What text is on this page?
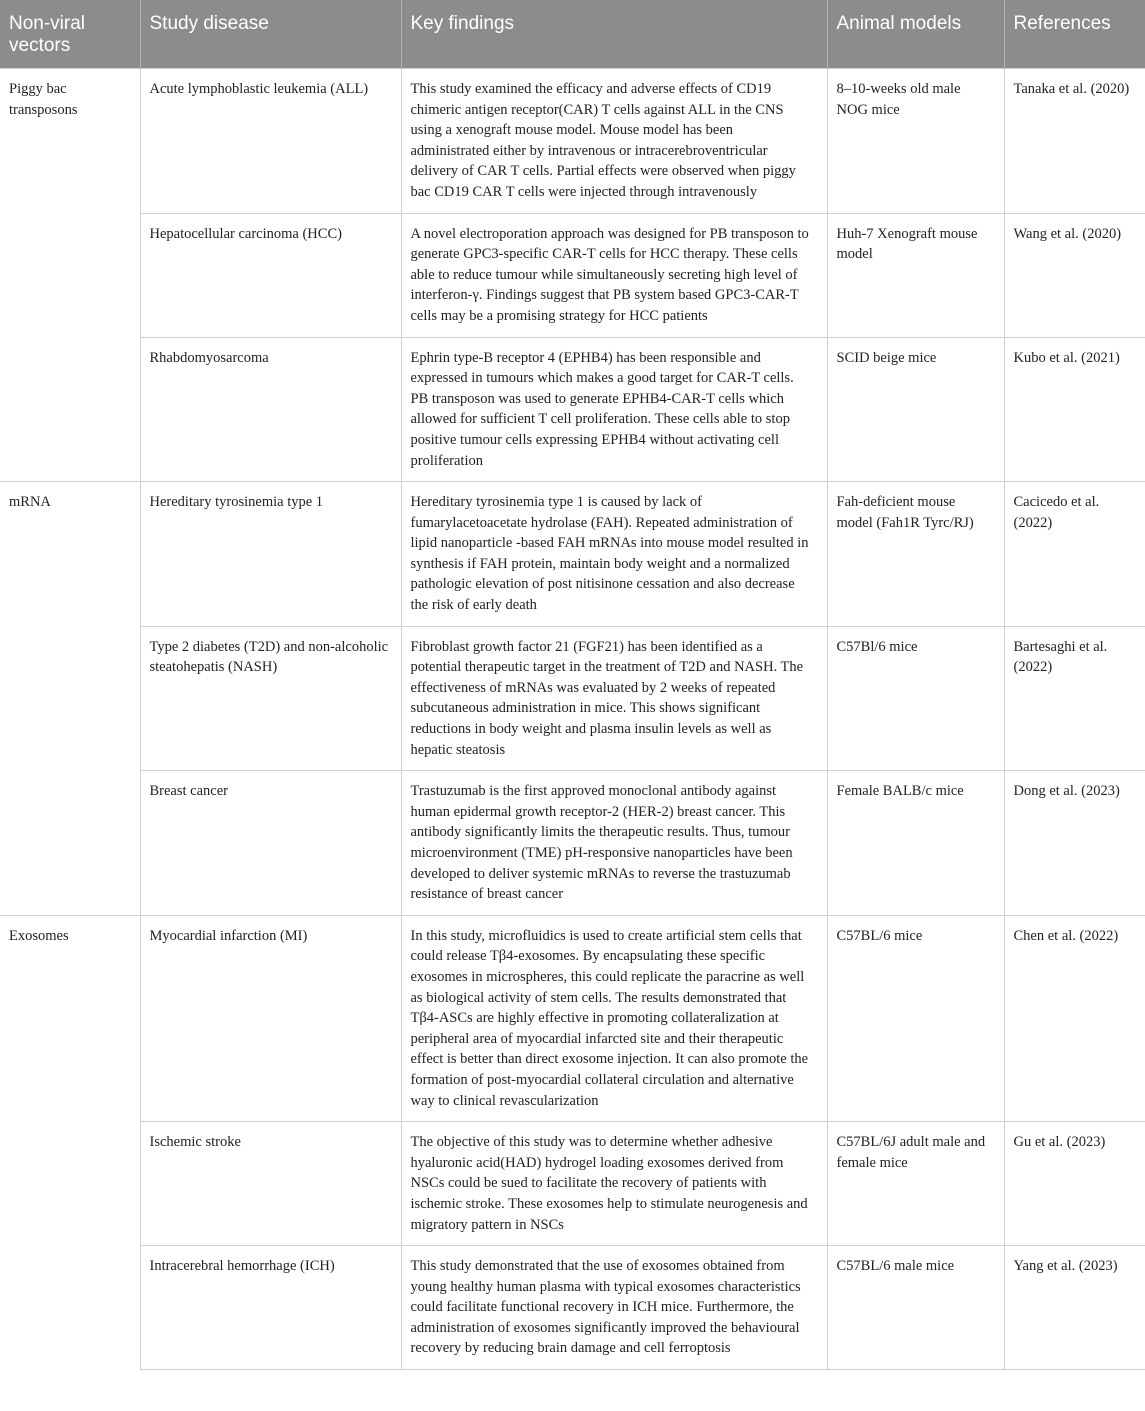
Non-viral vectors	Study disease	Key findings	Animal models	References
Piggy bac transposons	Acute lymphoblastic leukemia (ALL)	This study examined the efficacy and adverse effects of CD19 chimeric antigen receptor(CAR) T cells against ALL in the CNS using a xenograft mouse model. Mouse model has been administrated either by intravenous or intracerebroventricular delivery of CAR T cells. Partial effects were observed when piggy bac CD19 CAR T cells were injected through intravenously	8–10-weeks old male NOG mice	Tanaka et al. (2020)
	Hepatocellular carcinoma (HCC)	A novel electroporation approach was designed for PB transposon to generate GPC3-specific CAR-T cells for HCC therapy. These cells able to reduce tumour while simultaneously secreting high level of interferon-γ. Findings suggest that PB system based GPC3-CAR-T cells may be a promising strategy for HCC patients	Huh-7 Xenograft mouse model	Wang et al. (2020)
	Rhabdomyosarcoma	Ephrin type-B receptor 4 (EPHB4) has been responsible and expressed in tumours which makes a good target for CAR-T cells. PB transposon was used to generate EPHB4-CAR-T cells which allowed for sufficient T cell proliferation. These cells able to stop positive tumour cells expressing EPHB4 without activating cell proliferation	SCID beige mice	Kubo et al. (2021)
mRNA	Hereditary tyrosinemia type 1	Hereditary tyrosinemia type 1 is caused by lack of fumarylacetoacetate hydrolase (FAH). Repeated administration of lipid nanoparticle -based FAH mRNAs into mouse model resulted in synthesis if FAH protein, maintain body weight and a normalized pathologic elevation of post nitisinone cessation and also decrease the risk of early death	Fah-deficient mouse model (Fah1R Tyrc/RJ)	Cacicedo et al. (2022)
	Type 2 diabetes (T2D) and non-alcoholic steatohepatis (NASH)	Fibroblast growth factor 21 (FGF21) has been identified as a potential therapeutic target in the treatment of T2D and NASH. The effectiveness of mRNAs was evaluated by 2 weeks of repeated subcutaneous administration in mice. This shows significant reductions in body weight and plasma insulin levels as well as hepatic steatosis	C57Bl/6 mice	Bartesaghi et al. (2022)
	Breast cancer	Trastuzumab is the first approved monoclonal antibody against human epidermal growth receptor-2 (HER-2) breast cancer. This antibody significantly limits the therapeutic results. Thus, tumour microenvironment (TME) pH-responsive nanoparticles have been developed to deliver systemic mRNAs to reverse the trastuzumab resistance of breast cancer	Female BALB/c mice	Dong et al. (2023)
Exosomes	Myocardial infarction (MI)	In this study, microfluidics is used to create artificial stem cells that could release Tβ4-exosomes. By encapsulating these specific exosomes in microspheres, this could replicate the paracrine as well as biological activity of stem cells. The results demonstrated that Tβ4-ASCs are highly effective in promoting collateralization at peripheral area of myocardial infarcted site and their therapeutic effect is better than direct exosome injection. It can also promote the formation of post-myocardial collateral circulation and alternative way to clinical revascularization	C57BL/6 mice	Chen et al. (2022)
	Ischemic stroke	The objective of this study was to determine whether adhesive hyaluronic acid(HAD) hydrogel loading exosomes derived from NSCs could be sued to facilitate the recovery of patients with ischemic stroke. These exosomes help to stimulate neurogenesis and migratory pattern in NSCs	C57BL/6J adult male and female mice	Gu et al. (2023)
	Intracerebral hemorrhage (ICH)	This study demonstrated that the use of exosomes obtained from young healthy human plasma with typical exosomes characteristics could facilitate functional recovery in ICH mice. Furthermore, the administration of exosomes significantly improved the behavioural recovery by reducing brain damage and cell ferroptosis	C57BL/6 male mice	Yang et al. (2023)
